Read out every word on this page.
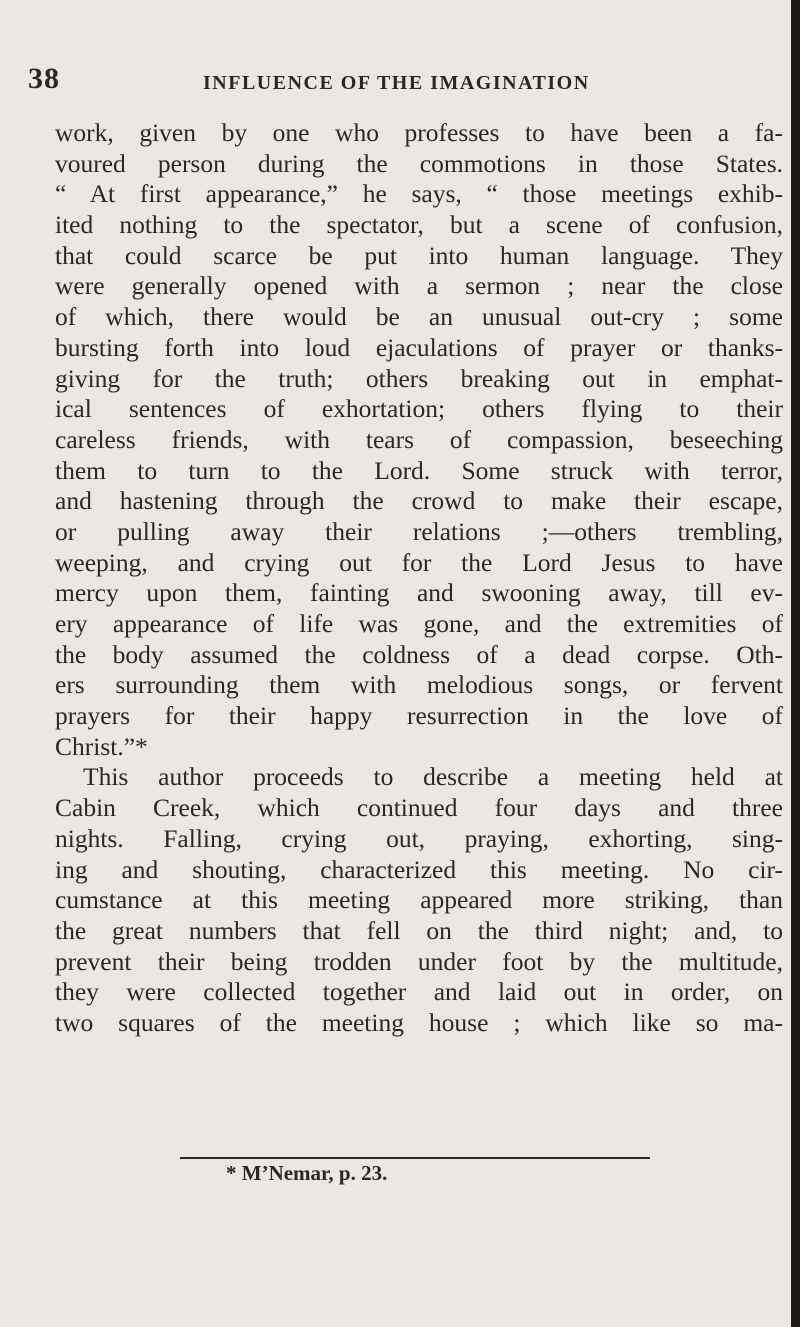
38	INFLUENCE OF THE IMAGINATION
work, given by one who professes to have been a fa-
voured person during the commotions in those States.
“ At first appearance,” he says, “ those meetings exhib-
ited nothing to the spectator, but a scene of confusion,
that could scarce be put into human language. They
were generally opened with a sermon ; near the close
of which, there would be an unusual out-cry ; some
bursting forth into loud ejaculations of prayer or thanks-
giving for the truth; others breaking out in emphat-
ical sentences of exhortation; others flying to their
careless friends, with tears of compassion, beseeching
them to turn to the Lord. Some struck with terror,
and hastening through the crowd to make their escape,
or pulling away their relations ;—others trembling,
weeping, and crying out for the Lord Jesus to have
mercy upon them, fainting and swooning away, till ev-
ery appearance of life was gone, and the extremities of
the body assumed the coldness of a dead corpse. Oth-
ers surrounding them with melodious songs, or fervent
prayers for their happy resurrection in the love of
Christ.”*
This author proceeds to describe a meeting held at
Cabin Creek, which continued four days and three
nights. Falling, crying out, praying, exhorting, sing-
ing and shouting, characterized this meeting. No cir-
cumstance at this meeting appeared more striking, than
the great numbers that fell on the third night; and, to
prevent their being trodden under foot by the multitude,
they were collected together and laid out in order, on
two squares of the meeting house ; which like so ma-
* M’Nemar, p. 23.
